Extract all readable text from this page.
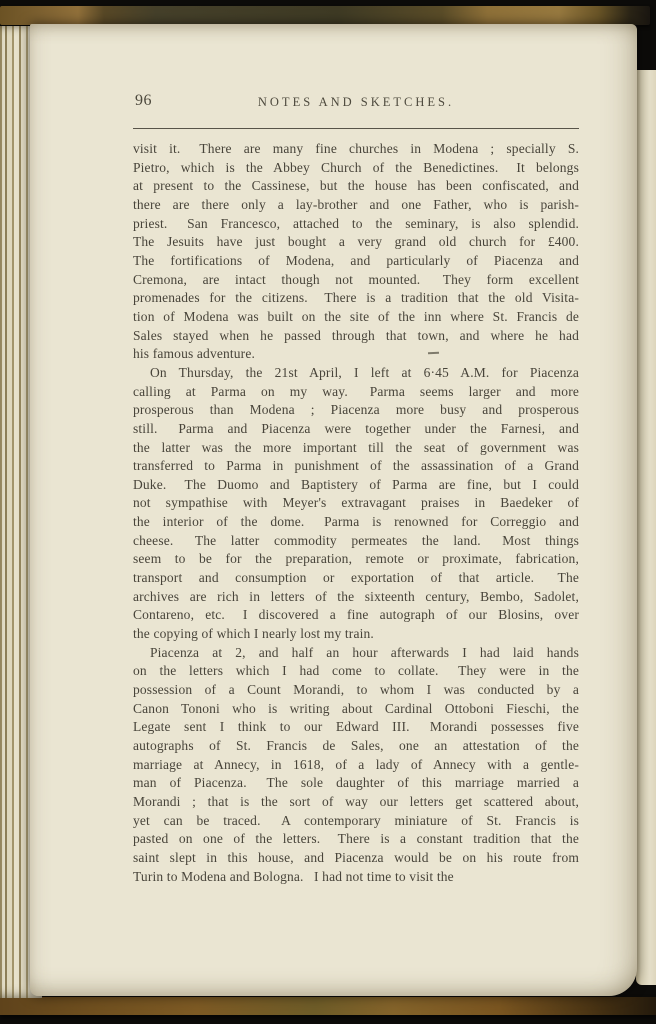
96	NOTES AND SKETCHES.
visit it.  There are many fine churches in Modena ; specially S.
Pietro, which is the Abbey Church of the Benedictines.  It belongs
at present to the Cassinese, but the house has been confiscated, and
there are there only a lay-brother and one Father, who is parish-
priest.  San Francesco, attached to the seminary, is also splendid.
The Jesuits have just bought a very grand old church for £400.
The fortifications of Modena, and particularly of Piacenza and
Cremona, are intact though not mounted.  They form excellent
promenades for the citizens.  There is a tradition that the old Visita-
tion of Modena was built on the site of the inn where St. Francis de
Sales stayed when he passed through that town, and where he had
his famous adventure.
On Thursday, the 21st April, I left at 6·45 A.M. for Piacenza
calling at Parma on my way.  Parma seems larger and more
prosperous than Modena ; Piacenza more busy and prosperous
still.  Parma and Piacenza were together under the Farnesi, and
the latter was the more important till the seat of government was
transferred to Parma in punishment of the assassination of a Grand
Duke.  The Duomo and Baptistery of Parma are fine, but I could
not sympathise with Meyer's extravagant praises in Baedeker of
the interior of the dome.  Parma is renowned for Correggio and
cheese.  The latter commodity permeates the land.  Most things
seem to be for the preparation, remote or proximate, fabrication,
transport and consumption or exportation of that article.  The
archives are rich in letters of the sixteenth century, Bembo, Sadolet,
Contareno, etc.  I discovered a fine autograph of our Blosins, over
the copying of which I nearly lost my train.
Piacenza at 2, and half an hour afterwards I had laid hands
on the letters which I had come to collate.  They were in the
possession of a Count Morandi, to whom I was conducted by a
Canon Tononi who is writing about Cardinal Ottoboni Fieschi, the
Legate sent I think to our Edward III.  Morandi possesses five
autographs of St. Francis de Sales, one an attestation of the
marriage at Annecy, in 1618, of a lady of Annecy with a gentle-
man of Piacenza.  The sole daughter of this marriage married a
Morandi ; that is the sort of way our letters get scattered about,
yet can be traced.  A contemporary miniature of St. Francis is
pasted on one of the letters.  There is a constant tradition that the
saint slept in this house, and Piacenza would be on his route from
Turin to Modena and Bologna.  I had not time to visit the
